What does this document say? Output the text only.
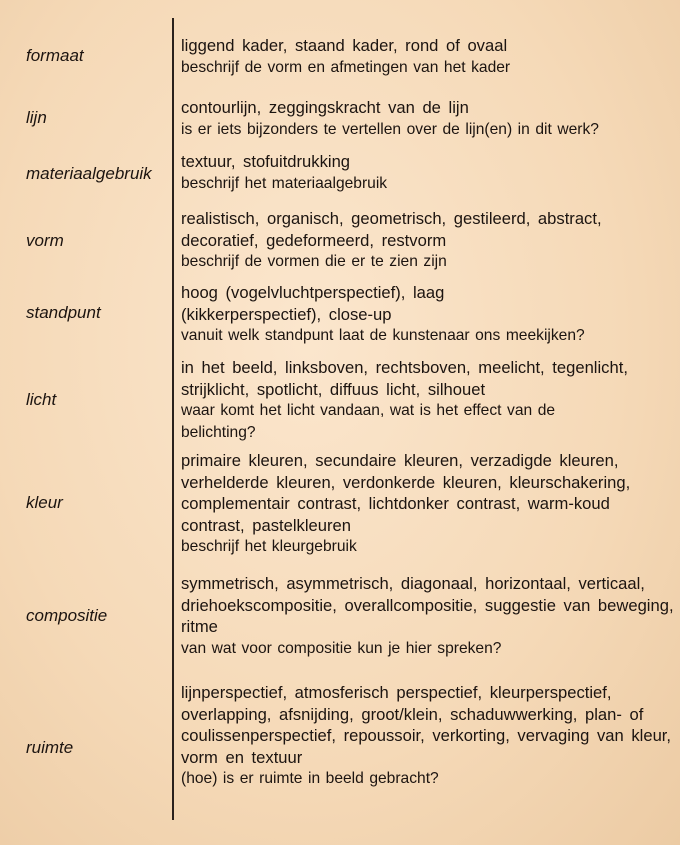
formaat
liggend kader, staand kader, rond of ovaal
beschrijf de vorm en afmetingen van het kader
lijn
contourlijn, zeggingskracht van de lijn
is er iets bijzonders te vertellen over de lijn(en) in dit werk?
materiaalgebruik
textuur, stofuitdrukking
beschrijf het materiaalgebruik
vorm
realistisch, organisch, geometrisch, gestileerd, abstract, decoratief, gedeformeerd, restvorm
beschrijf de vormen die er te zien zijn
standpunt
hoog (vogelvluchtperspectief), laag (kikkerperspectief), close-up
vanuit welk standpunt laat de kunstenaar ons meekijken?
licht
in het beeld, linksboven, rechtsboven, meelicht, tegenlicht, strijklicht, spotlicht, diffuus licht, silhouet
waar komt het licht vandaan, wat is het effect van de belichting?
kleur
primaire kleuren, secundaire kleuren, verzadigde kleuren, verhelderde kleuren, verdonkerde kleuren, kleurschakering, complementair contrast, lichtdonker contrast, warm-koud contrast, pastelkleuren
beschrijf het kleurgebruik
compositie
symmetrisch, asymmetrisch, diagonaal, horizontaal, verticaal, driehoekscompositie, overallcompositie, suggestie van beweging, ritme
van wat voor compositie kun je hier spreken?
ruimte
lijnperspectief, atmosferisch perspectief, kleurperspectief, overlapping, afsnijding, groot/klein, schaduwwerking, plan- of coulissenperspectief, repoussoir, verkorting, vervaging van kleur, vorm en textuur
(hoe) is er ruimte in beeld gebracht?
